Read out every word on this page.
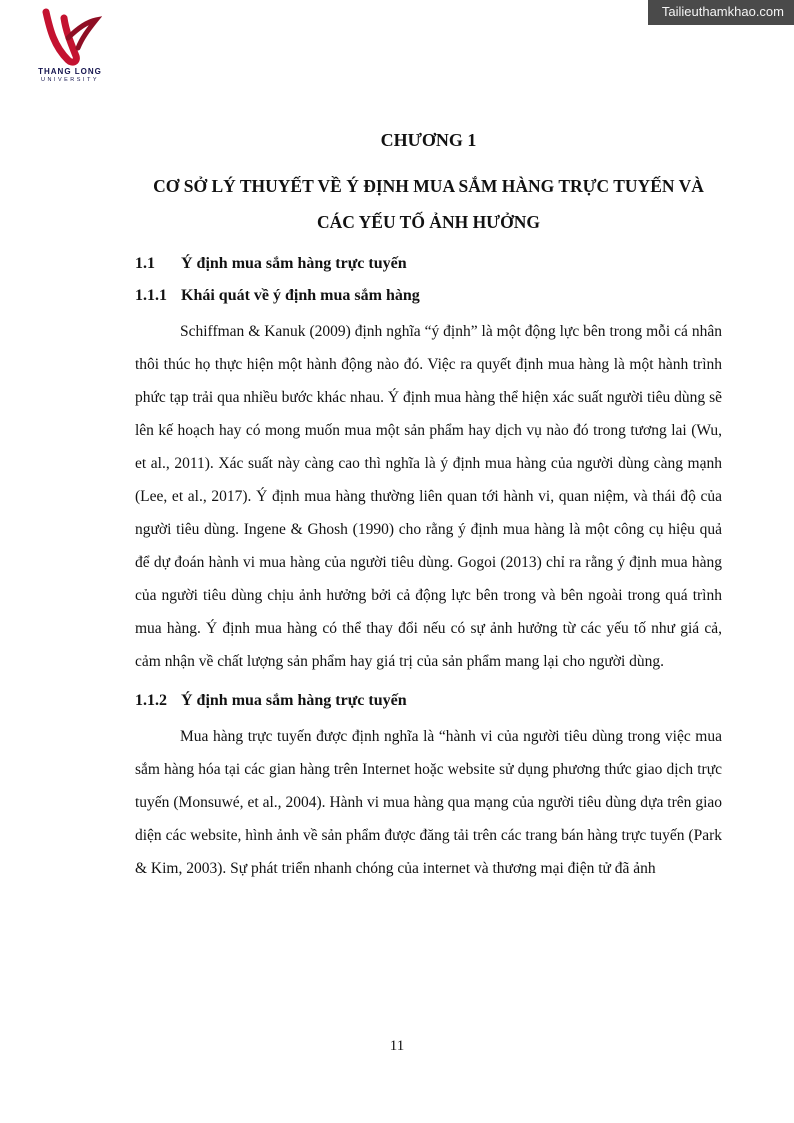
Tailieuthamkhao.com
THANG LONG
UNIVERSITY
CHƯƠNG 1
CƠ SỞ LÝ THUYẾT VỀ Ý ĐỊNH MUA SẮM HÀNG TRỰC TUYẾN VÀ CÁC YẾU TỐ ẢNH HƯỞNG
1.1	Ý định mua sắm hàng trực tuyến
1.1.1 Khái quát về ý định mua sắm hàng

Schiffman & Kanuk (2009) định nghĩa “ý định” là một động lực bên trong mỗi cá nhân thôi thúc họ thực hiện một hành động nào đó. Việc ra quyết định mua hàng là một hành trình phức tạp trải qua nhiều bước khác nhau. Ý định mua hàng thể hiện xác suất người tiêu dùng sẽ lên kế hoạch hay có mong muốn mua một sản phẩm hay dịch vụ nào đó trong tương lai (Wu, et al., 2011). Xác suất này càng cao thì nghĩa là ý định mua hàng của người dùng càng mạnh (Lee, et al., 2017). Ý định mua hàng thường liên quan tới hành vi, quan niệm, và thái độ của người tiêu dùng. Ingene & Ghosh (1990) cho rằng ý định mua hàng là một công cụ hiệu quả để dự đoán hành vi mua hàng của người tiêu dùng. Gogoi (2013) chỉ ra rằng ý định mua hàng của người tiêu dùng chịu ảnh hưởng bởi cả động lực bên trong và bên ngoài trong quá trình mua hàng. Ý định mua hàng có thể thay đổi nếu có sự ảnh hưởng từ các yếu tố như giá cả, cảm nhận về chất lượng sản phẩm hay giá trị của sản phẩm mang lại cho người dùng.

1.1.2 Ý định mua sắm hàng trực tuyến

Mua hàng trực tuyến được định nghĩa là “hành vi của người tiêu dùng trong việc mua sắm hàng hóa tại các gian hàng trên Internet hoặc website sử dụng phương thức giao dịch trực tuyến (Monsuwé, et al., 2004). Hành vi mua hàng qua mạng của người tiêu dùng dựa trên giao diện các website, hình ảnh về sản phẩm được đăng tải trên các trang bán hàng trực tuyến (Park & Kim, 2003). Sự phát triển nhanh chóng của internet và thương mại điện tử đã ảnh

11
